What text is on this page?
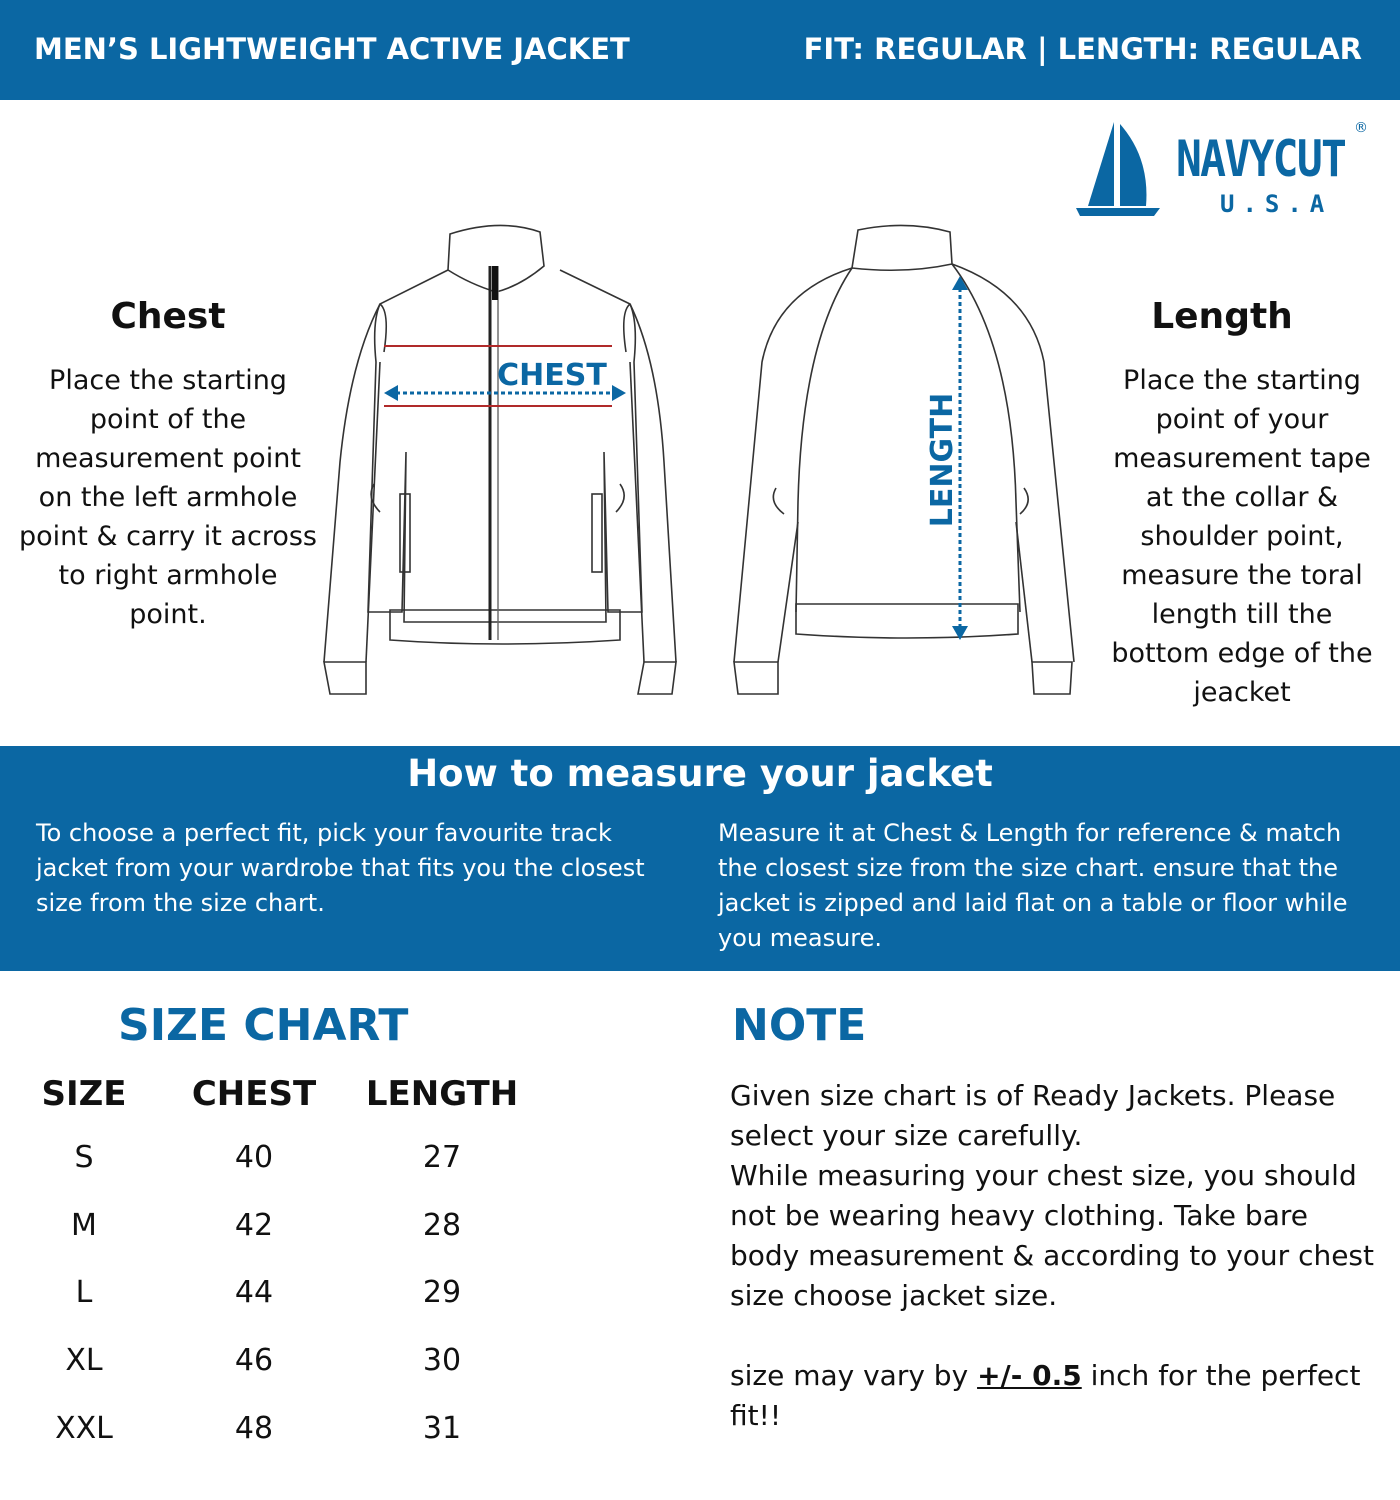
MEN’S LIGHTWEIGHT ACTIVE JACKET	FIT: REGULAR | LENGTH: REGULAR
NAVYCUT
®
U.S.A
Chest
Place the starting point of the measurement point on the left armhole point & carry it across to right armhole point.
CHEST
LENGTH
Length
Place the starting point of your measurement tape at the collar & shoulder point, measure the toral length till the bottom edge of the jeacket
How to measure your jacket
To choose a perfect fit, pick your favourite track jacket from your wardrobe that fits you the closest size from the size chart.
Measure it at Chest & Length for reference & match the closest size from the size chart. ensure that the jacket is zipped and laid flat on a table or floor while you measure.
SIZE CHART
SIZE	CHEST	LENGTH
S	40	27
M	42	28
L	44	29
XL	46	30
XXL	48	31
NOTE

Given size chart is of Ready Jackets. Please select your size carefully.

While measuring your chest size, you should not be wearing heavy clothing. Take bare body measurement & according to your chest size choose jacket size.

size may vary by +/- 0.5 inch for the perfect fit!!
